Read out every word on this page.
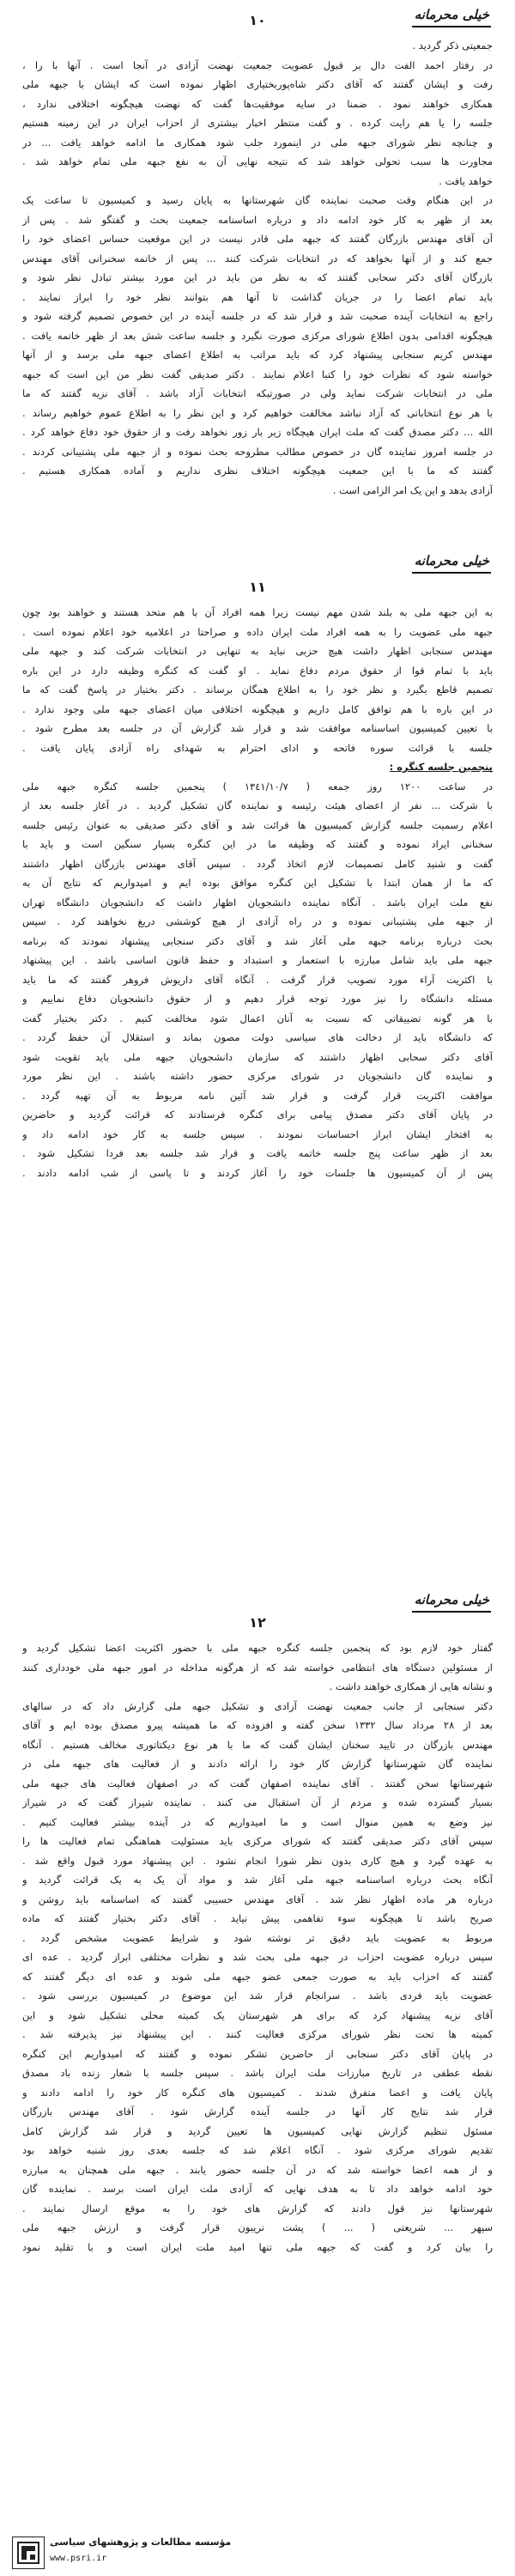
خیلی محرمانه
١٠
جمعیتی ذکر گردید .
در رفتار احمد الفت دال بر قبول عضویت جمعیت نهضت آزادی در آنجا است . آنها با را ،
رفت و ایشان گفتند که آقای دکتر شاه‌پوربختیاری اظهار نموده است که ایشان با جبهه ملی
همکاری خواهند نمود . ضمنا در سایه موفقیت‌ها گفت که نهضت هیچگونه اختلافی ندارد ،
جلسه را یا هم رایت کرده . و گفت منتظر اخبار بیشتری از احزاب ایران در این زمینه هستیم
و چنانچه نظر شورای جبهه ملی در اینمورد جلب شود همکاری ما ادامه خواهد یافت ... در
مجاورت ها سبب تحولی خواهد شد که نتیجه نهایی آن به نفع جبهه ملی تمام خواهد شد .
خواهد یافت .
در این هنگام وقت صحبت نماینده گان شهرستانها به پایان رسید و کمیسیون تا ساعت یک
بعد از ظهر به کار خود ادامه داد و درباره اساسنامه جمعیت بحث و گفتگو شد . پس از
آن آقای مهندس بازرگان گفتند که جبهه ملی قادر نیست در این موقعیت حساس اعضای خود را
جمع کند و از آنها بخواهد که در انتخابات شرکت کنند ... پس از خاتمه سخنرانی آقای مهندس
بازرگان آقای دکتر سحابی گفتند که به نظر من باید در این مورد بیشتر تبادل نظر شود و
باید تمام اعضا را در جریان گذاشت تا آنها هم بتوانند نظر خود را ابراز نمایند .
راجع به انتخابات آینده صحبت شد و قرار شد که در جلسه آینده در این خصوص تصمیم گرفته شود و
هیچگونه اقدامی بدون اطلاع شورای مرکزی صورت نگیرد و جلسه ساعت شش بعد از ظهر خاتمه یافت .
مهندس کریم سنجابی پیشنهاد کرد که باید مراتب به اطلاع اعضای جبهه ملی برسد و از آنها
خواسته شود که نظرات خود را کتبا اعلام نمایند . دکتر صدیقی گفت نظر من این است که جبهه
ملی در انتخابات شرکت نماید ولی در صورتیکه انتخابات آزاد باشد . آقای نزیه گفتند که ما
با هر نوع انتخاباتی که آزاد نباشد مخالفت خواهیم کرد و این نظر را به اطلاع عموم خواهیم رساند .
الله ... دکتر مصدق گفت که ملت ایران هیچگاه زیر بار زور نخواهد رفت و از حقوق خود دفاع خواهد کرد .
در جلسه امروز نماینده گان در خصوص مطالب مطروحه بحث نموده و از جبهه ملی پشتیبانی کردند .
گفتند که ما با این جمعیت هیچگونه اختلاف نظری نداریم و آماده همکاری هستیم .
آزادی بدهد و این یک امر الزامی است .
خیلی محرمانه
١١
به این جبهه ملی به بلند شدن مهم نیست زیرا همه افراد آن با هم متحد هستند و خواهند بود چون
جبهه ملی عضویت را به همه افراد ملت ایران داده و صراحتا در اعلامیه خود اعلام نموده است .
مهندس سنجابی اظهار داشت هیچ حزبی نباید به تنهایی در انتخابات شرکت کند و جبهه ملی
باید با تمام قوا از حقوق مردم دفاع نماید . او گفت که کنگره وظیفه دارد در این باره
تصمیم قاطع بگیرد و نظر خود را به اطلاع همگان برساند . دکتر بختیار در پاسخ گفت که ما
در این باره با هم توافق کامل داریم و هیچگونه اختلافی میان اعضای جبهه ملی وجود ندارد .
با تعیین کمیسیون اساسنامه موافقت شد و قرار شد گزارش آن در جلسه بعد مطرح شود .
جلسه با قرائت سوره فاتحه و ادای احترام به شهدای راه آزادی پایان یافت .
پنجمین جلسه کنگره :
در ساعت ١٢٠٠ روز جمعه ( ١٣٤١/١٠/٧ ) پنجمین جلسه کنگره جبهه ملی
با شرکت ... نفر از اعضای هیئت رئیسه و نماینده گان تشکیل گردید . در آغاز جلسه بعد از
اعلام رسمیت جلسه گزارش کمیسیون ها قرائت شد و آقای دکتر صدیقی به عنوان رئیس جلسه
سخنانی ایراد نموده و گفتند که وظیفه ما در این کنگره بسیار سنگین است و باید با
گفت و شنید کامل تصمیمات لازم اتخاذ گردد . سپس آقای مهندس بازرگان اظهار داشتند
که ما از همان ابتدا با تشکیل این کنگره موافق بوده ایم و امیدواریم که نتایج آن به
نفع ملت ایران باشد . آنگاه نماینده دانشجویان اظهار داشت که دانشجویان دانشگاه تهران
از جبهه ملی پشتیبانی نموده و در راه آزادی از هیچ کوششی دریغ نخواهند کرد . سپس
بحث درباره برنامه جبهه ملی آغاز شد و آقای دکتر سنجابی پیشنهاد نمودند که برنامه
جبهه ملی باید شامل مبارزه با استعمار و استبداد و حفظ قانون اساسی باشد . این پیشنهاد
با اکثریت آراء مورد تصویب قرار گرفت . آنگاه آقای داریوش فروهر گفتند که ما باید
مسئله دانشگاه را نیز مورد توجه قرار دهیم و از حقوق دانشجویان دفاع نماییم و
با هر گونه تضییقاتی که نسبت به آنان اعمال شود مخالفت کنیم . دکتر بختیار گفت
که دانشگاه باید از دخالت های سیاسی دولت مصون بماند و استقلال آن حفظ گردد .
آقای دکتر سحابی اظهار داشتند که سازمان دانشجویان جبهه ملی باید تقویت شود
و نماینده گان دانشجویان در شورای مرکزی حضور داشته باشند . این نظر مورد
موافقت اکثریت قرار گرفت و قرار شد آئین نامه مربوط به آن تهیه گردد .
در پایان آقای دکتر مصدق پیامی برای کنگره فرستادند که قرائت گردید و حاضرین
به افتخار ایشان ابراز احساسات نمودند . سپس جلسه به کار خود ادامه داد و
بعد از ظهر ساعت پنج جلسه خاتمه یافت و قرار شد جلسه بعد فردا تشکیل شود .
پس از آن کمیسیون ها جلسات خود را آغاز کردند و تا پاسی از شب ادامه دادند .
خیلی محرمانه
١٢
گفتار خود لازم بود که پنجمین جلسه کنگره جبهه ملی با حضور اکثریت اعضا تشکیل گردید و
از مسئولین دستگاه های انتظامی خواسته شد که از هرگونه مداخله در امور جبهه ملی خودداری کنند
و نشانه هایی از همکاری خواهند داشت .
دکتر سنجابی از جانب جمعیت نهضت آزادی و تشکیل جبهه ملی گزارش داد که در سالهای
بعد از ٢٨ مرداد سال ١٣٣٢ سخن گفته و افزوده که ما همیشه پیرو مصدق بوده ایم و آقای
مهندس بازرگان در تایید سخنان ایشان گفت که ما با هر نوع دیکتاتوری مخالف هستیم . آنگاه
نماینده گان شهرستانها گزارش کار خود را ارائه دادند و از فعالیت های جبهه ملی در
شهرستانها سخن گفتند . آقای نماینده اصفهان گفت که در اصفهان فعالیت های جبهه ملی
بسیار گسترده شده و مردم از آن استقبال می کنند . نماینده شیراز گفت که در شیراز
نیز وضع به همین منوال است و ما امیدواریم که در آینده بیشتر فعالیت کنیم .
سپس آقای دکتر صدیقی گفتند که شورای مرکزی باید مسئولیت هماهنگی تمام فعالیت ها را
به عهده گیرد و هیچ کاری بدون نظر شورا انجام نشود . این پیشنهاد مورد قبول واقع شد .
آنگاه بحث درباره اساسنامه جبهه ملی آغاز شد و مواد آن یک به یک قرائت گردید و
درباره هر ماده اظهار نظر شد . آقای مهندس حسیبی گفتند که اساسنامه باید روشن و
صریح باشد تا هیچگونه سوء تفاهمی پیش نیاید . آقای دکتر بختیار گفتند که ماده
مربوط به عضویت باید دقیق تر نوشته شود و شرایط عضویت مشخص گردد .
سپس درباره عضویت احزاب در جبهه ملی بحث شد و نظرات مختلفی ابراز گردید . عده ای
گفتند که احزاب باید به صورت جمعی عضو جبهه ملی شوند و عده ای دیگر گفتند که
عضویت باید فردی باشد . سرانجام قرار شد این موضوع در کمیسیون بررسی شود .
آقای نزیه پیشنهاد کرد که برای هر شهرستان یک کمیته محلی تشکیل شود و این
کمیته ها تحت نظر شورای مرکزی فعالیت کنند . این پیشنهاد نیز پذیرفته شد .
در پایان آقای دکتر سنجابی از حاضرین تشکر نموده و گفتند که امیدواریم این کنگره
نقطه عطفی در تاریخ مبارزات ملت ایران باشد . سپس جلسه با شعار زنده باد مصدق
پایان یافت و اعضا متفرق شدند . کمیسیون های کنگره کار خود را ادامه دادند و
قرار شد نتایج کار آنها در جلسه آینده گزارش شود . آقای مهندس بازرگان
مسئول تنظیم گزارش نهایی کمیسیون ها تعیین گردید و قرار شد گزارش کامل
تقدیم شورای مرکزی شود . آنگاه اعلام شد که جلسه بعدی روز شنبه خواهد بود
و از همه اعضا خواسته شد که در آن جلسه حضور یابند . جبهه ملی همچنان به مبارزه
خود ادامه خواهد داد تا به هدف نهایی که آزادی ملت ایران است برسد . نماینده گان
شهرستانها نیز قول دادند که گزارش های خود را به موقع ارسال نمایند .
سپهر ... شریعتی ( ... ) پشت تریبون قرار گرفت و ارزش جبهه ملی
را بیان کرد و گفت که جبهه ملی تنها امید ملت ایران است و با تقلید نمود
مؤسسه مطالعات و پژوهشهای سیاسی
www.psri.ir
